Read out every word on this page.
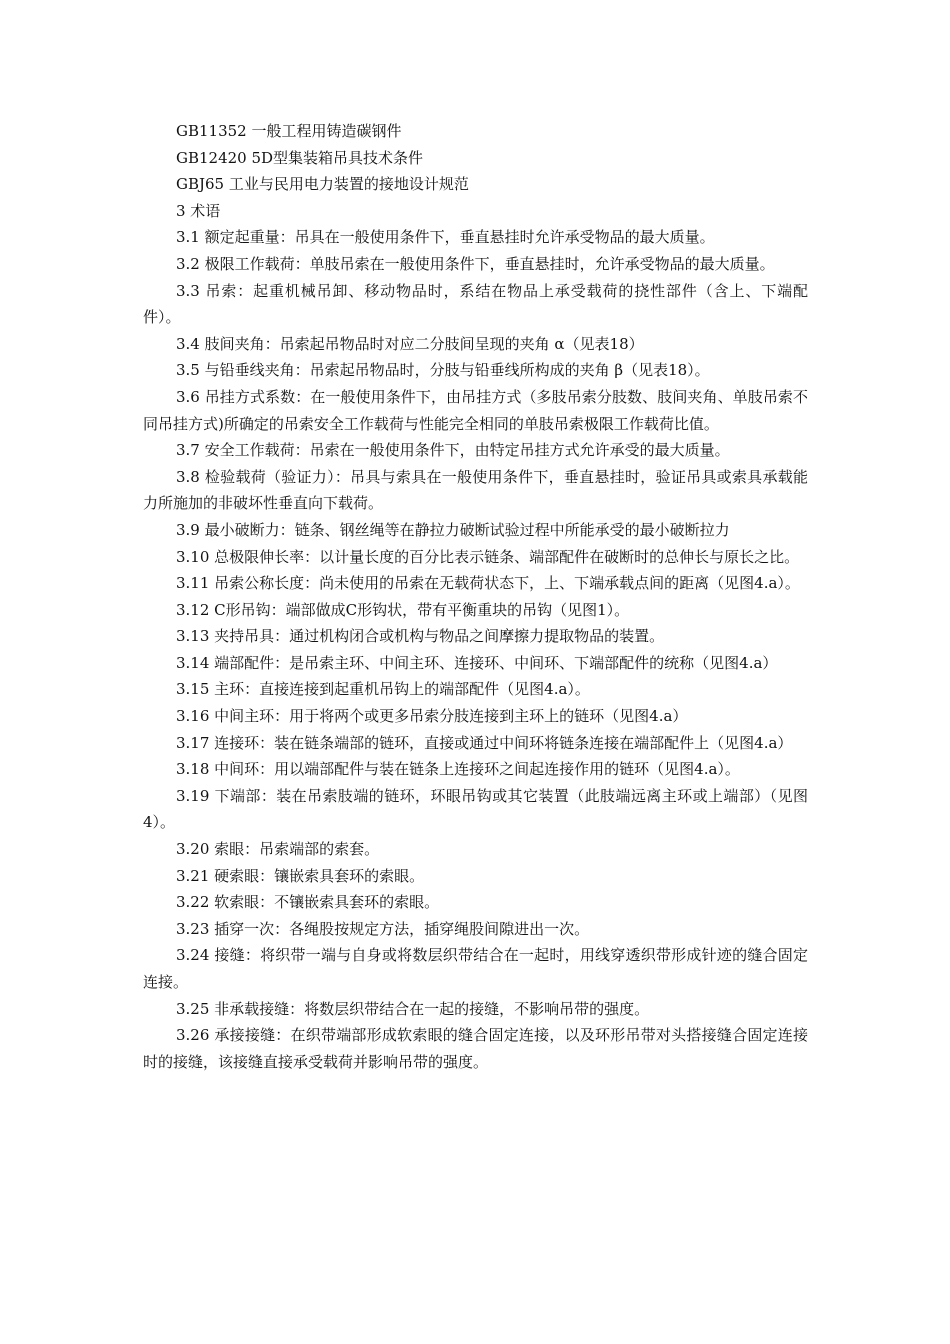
GB11352 一般工程用铸造碳钢件

GB12420 5D型集装箱吊具技术条件

GBJ65 工业与民用电力装置的接地设计规范

3 术语

3.1 额定起重量：吊具在一般使用条件下，垂直悬挂时允许承受物品的最大质量。

3.2 极限工作载荷：单肢吊索在一般使用条件下，垂直悬挂时，允许承受物品的最大质量。

3.3 吊索：起重机械吊卸、移动物品时，系结在物品上承受载荷的挠性部件（含上、下端配件）。

3.4 肢间夹角：吊索起吊物品时对应二分肢间呈现的夹角 α（见表18）

3.5 与铅垂线夹角：吊索起吊物品时，分肢与铅垂线所构成的夹角 β（见表18）。

3.6 吊挂方式系数：在一般使用条件下，由吊挂方式（多肢吊索分肢数、肢间夹角、单肢吊索不同吊挂方式)所确定的吊索安全工作载荷与性能完全相同的单肢吊索极限工作载荷比值。

3.7 安全工作载荷：吊索在一般使用条件下，由特定吊挂方式允许承受的最大质量。

3.8 检验载荷（验证力）：吊具与索具在一般使用条件下，垂直悬挂时，验证吊具或索具承载能力所施加的非破坏性垂直向下载荷。

3.9 最小破断力：链条、钢丝绳等在静拉力破断试验过程中所能承受的最小破断拉力

3.10 总极限伸长率：以计量长度的百分比表示链条、端部配件在破断时的总伸长与原长之比。

3.11 吊索公称长度：尚未使用的吊索在无载荷状态下，上、下端承载点间的距离（见图4.a）。

3.12 C形吊钩：端部做成C形钩状，带有平衡重块的吊钩（见图1）。

3.13 夹持吊具：通过机构闭合或机构与物品之间摩擦力提取物品的装置。

3.14 端部配件：是吊索主环、中间主环、连接环、中间环、下端部配件的统称（见图4.a）

3.15 主环：直接连接到起重机吊钩上的端部配件（见图4.a）。

3.16 中间主环：用于将两个或更多吊索分肢连接到主环上的链环（见图4.a）

3.17 连接环：装在链条端部的链环，直接或通过中间环将链条连接在端部配件上（见图4.a）

3.18 中间环：用以端部配件与装在链条上连接环之间起连接作用的链环（见图4.a）。

3.19 下端部：装在吊索肢端的链环，环眼吊钩或其它装置（此肢端远离主环或上端部）（见图4）。

3.20 索眼：吊索端部的索套。

3.21 硬索眼：镶嵌索具套环的索眼。

3.22 软索眼：不镶嵌索具套环的索眼。

3.23 插穿一次：各绳股按规定方法，插穿绳股间隙进出一次。

3.24 接缝：将织带一端与自身或将数层织带结合在一起时，用线穿透织带形成针迹的缝合固定连接。

3.25 非承载接缝：将数层织带结合在一起的接缝，不影响吊带的强度。

3.26 承接接缝：在织带端部形成软索眼的缝合固定连接，以及环形吊带对头搭接缝合固定连接时的接缝，该接缝直接承受载荷并影响吊带的强度。
